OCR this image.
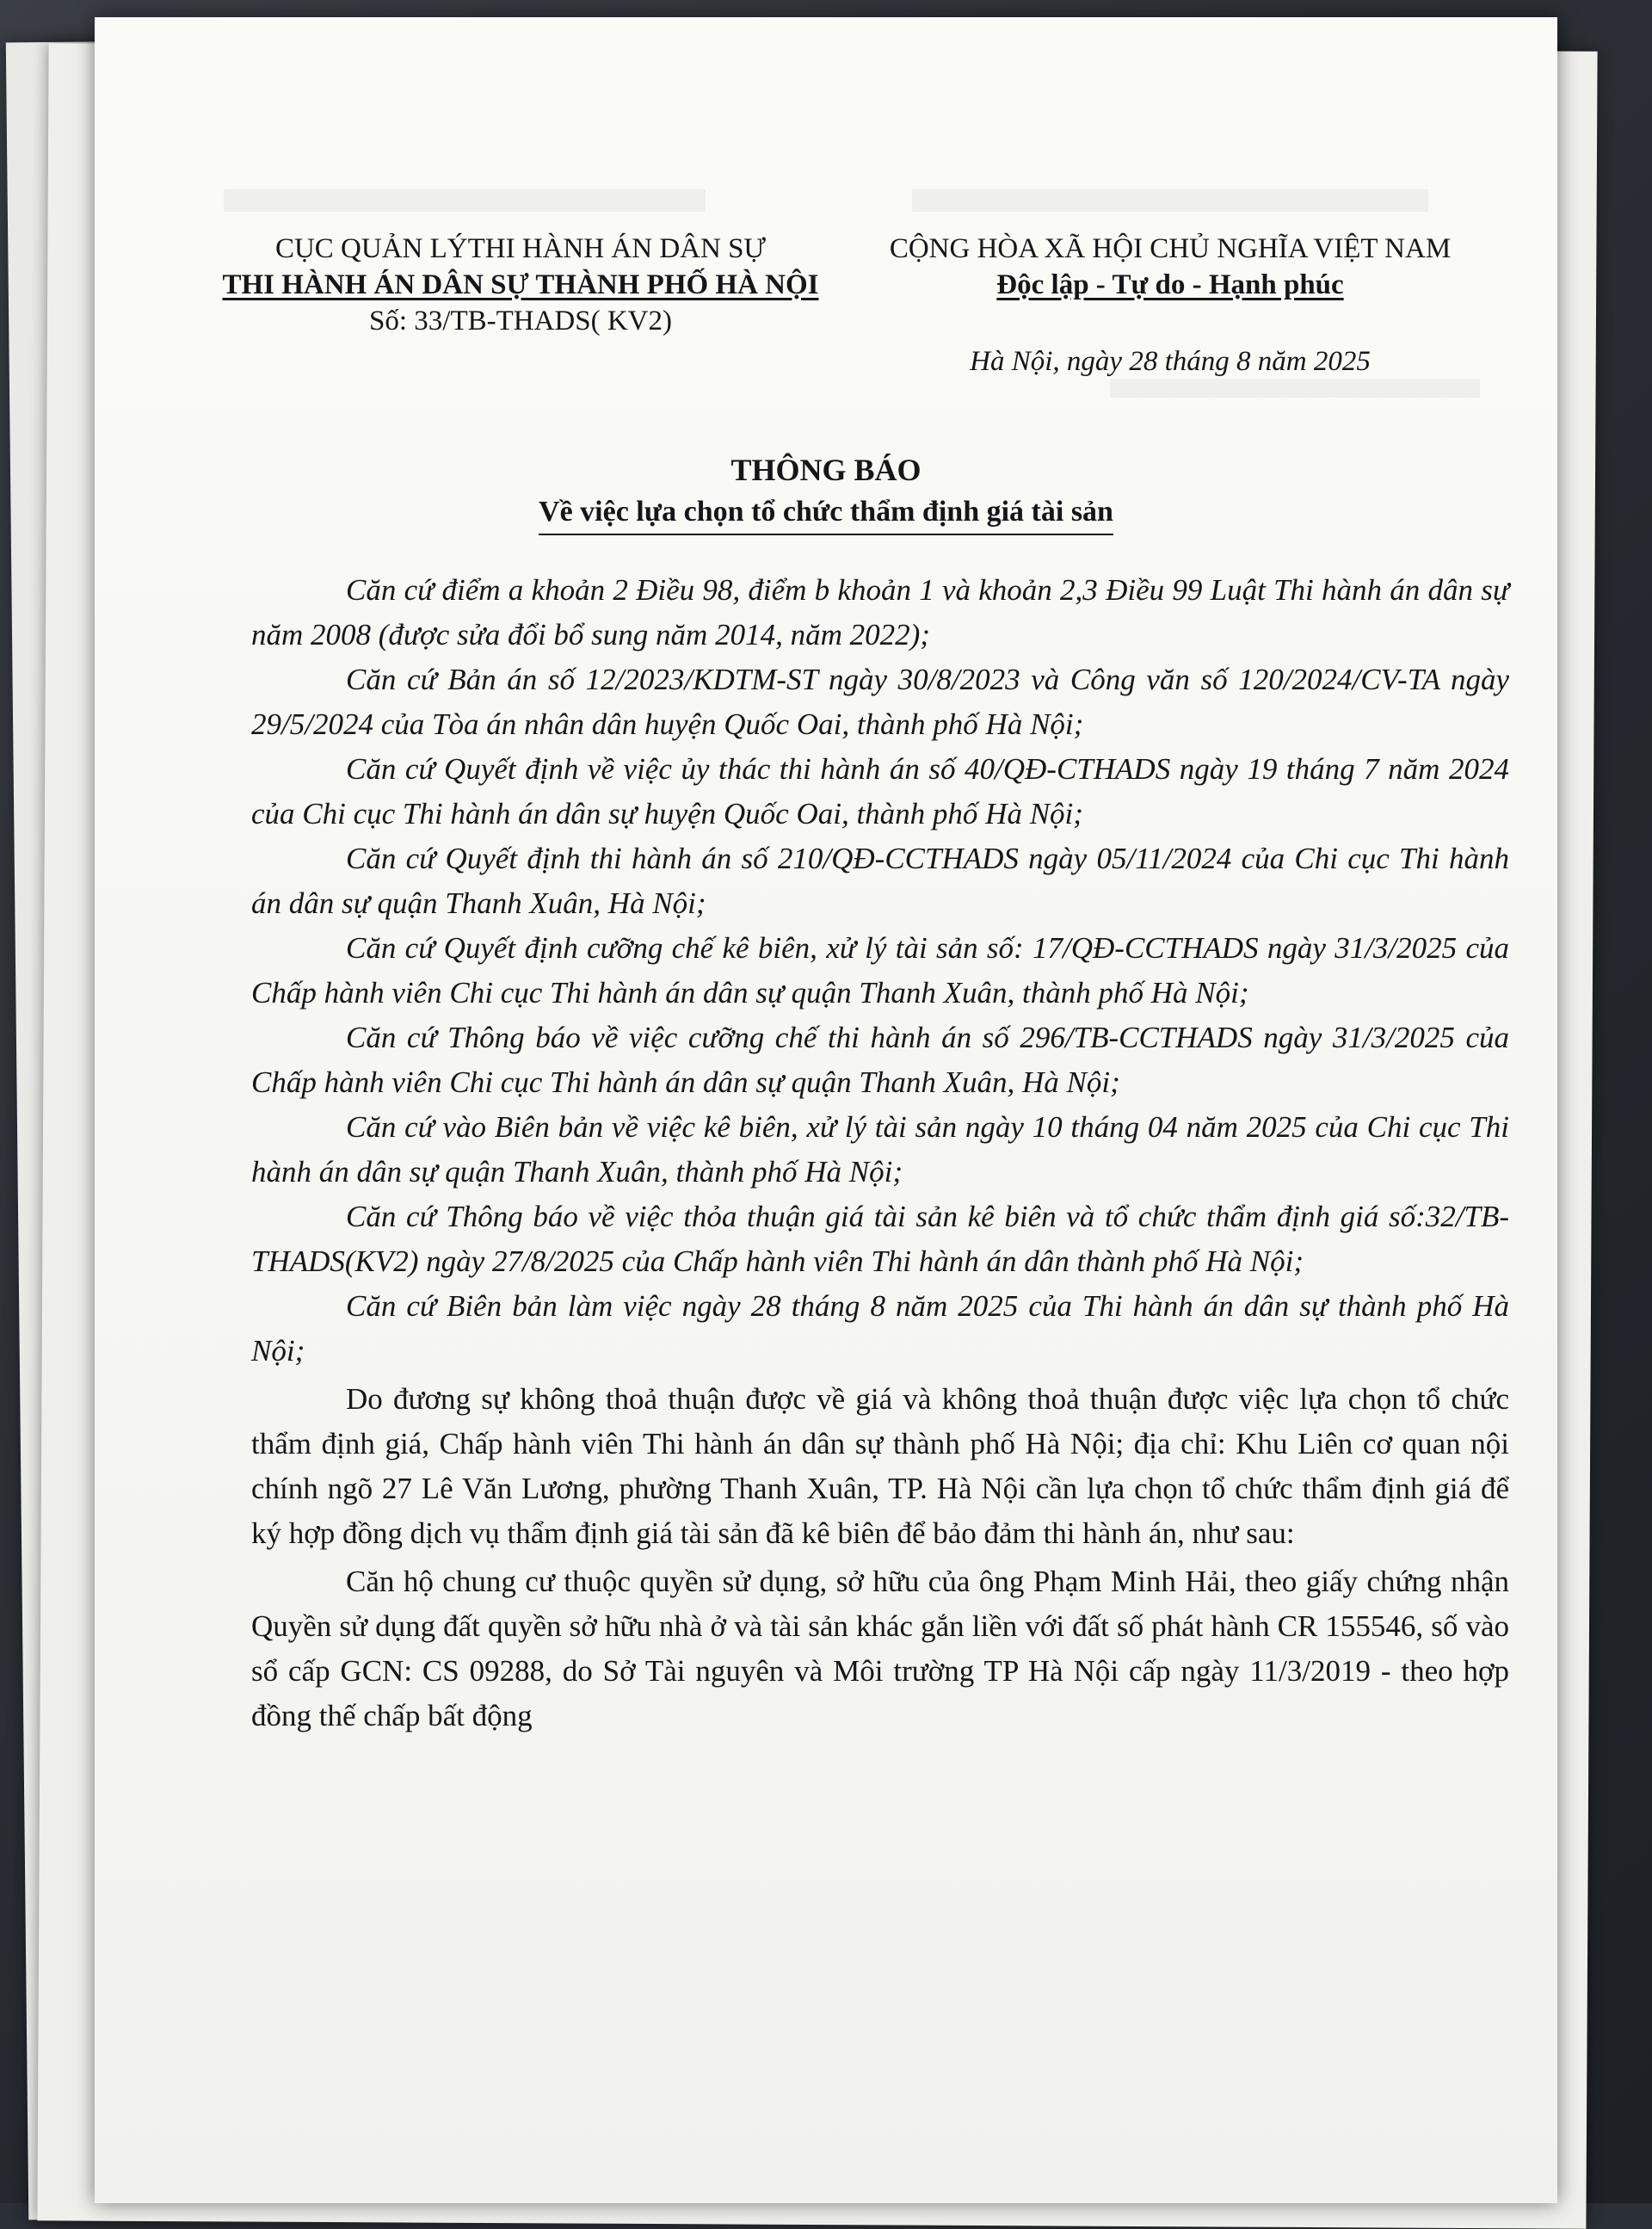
CỤC QUẢN LÝTHI HÀNH ÁN DÂN SỰ
THI HÀNH ÁN DÂN SỰ THÀNH PHỐ HÀ NỘI
Số: 33/TB-THADS( KV2)
CỘNG HÒA XÃ HỘI CHỦ NGHĨA VIỆT NAM
Độc lập - Tự do - Hạnh phúc
Hà Nội, ngày 28 tháng 8 năm 2025
THÔNG BÁO
Về việc lựa chọn tổ chức thẩm định giá tài sản

Căn cứ điểm a khoản 2 Điều 98, điểm b khoản 1 và khoản 2,3 Điều 99 Luật Thi hành án dân sự năm 2008 (được sửa đổi bổ sung năm 2014, năm 2022);

Căn cứ Bản án số 12/2023/KDTM-ST ngày 30/8/2023 và Công văn số 120/2024/CV-TA ngày 29/5/2024 của Tòa án nhân dân huyện Quốc Oai, thành phố Hà Nội;

Căn cứ Quyết định về việc ủy thác thi hành án số 40/QĐ-CTHADS ngày 19 tháng 7 năm 2024 của Chi cục Thi hành án dân sự huyện Quốc Oai, thành phố Hà Nội;

Căn cứ Quyết định thi hành án số 210/QĐ-CCTHADS ngày 05/11/2024 của Chi cục Thi hành án dân sự quận Thanh Xuân, Hà Nội;

Căn cứ Quyết định cưỡng chế kê biên, xử lý tài sản số: 17/QĐ-CCTHADS ngày 31/3/2025 của Chấp hành viên Chi cục Thi hành án dân sự quận Thanh Xuân, thành phố Hà Nội;

Căn cứ Thông báo về việc cưỡng chế thi hành án số 296/TB-CCTHADS ngày 31/3/2025 của Chấp hành viên Chi cục Thi hành án dân sự quận Thanh Xuân, Hà Nội;

Căn cứ vào Biên bản về việc kê biên, xử lý tài sản ngày 10 tháng 04 năm 2025 của Chi cục Thi hành án dân sự quận Thanh Xuân, thành phố Hà Nội;

Căn cứ Thông báo về việc thỏa thuận giá tài sản kê biên và tổ chức thẩm định giá số:32/TB-THADS(KV2) ngày 27/8/2025 của Chấp hành viên Thi hành án dân thành phố Hà Nội;

Căn cứ Biên bản làm việc ngày 28 tháng 8 năm 2025 của Thi hành án dân sự thành phố Hà Nội;

Do đương sự không thoả thuận được về giá và không thoả thuận được việc lựa chọn tổ chức thẩm định giá, Chấp hành viên Thi hành án dân sự thành phố Hà Nội; địa chỉ: Khu Liên cơ quan nội chính ngõ 27 Lê Văn Lương, phường Thanh Xuân, TP. Hà Nội cần lựa chọn tổ chức thẩm định giá để ký hợp đồng dịch vụ thẩm định giá tài sản đã kê biên để bảo đảm thi hành án, như sau:

Căn hộ chung cư thuộc quyền sử dụng, sở hữu của ông Phạm Minh Hải, theo giấy chứng nhận Quyền sử dụng đất quyền sở hữu nhà ở và tài sản khác gắn liền với đất số phát hành CR 155546, số vào sổ cấp GCN: CS 09288, do Sở Tài nguyên và Môi trường TP Hà Nội cấp ngày 11/3/2019 - theo hợp đồng thế chấp bất động
